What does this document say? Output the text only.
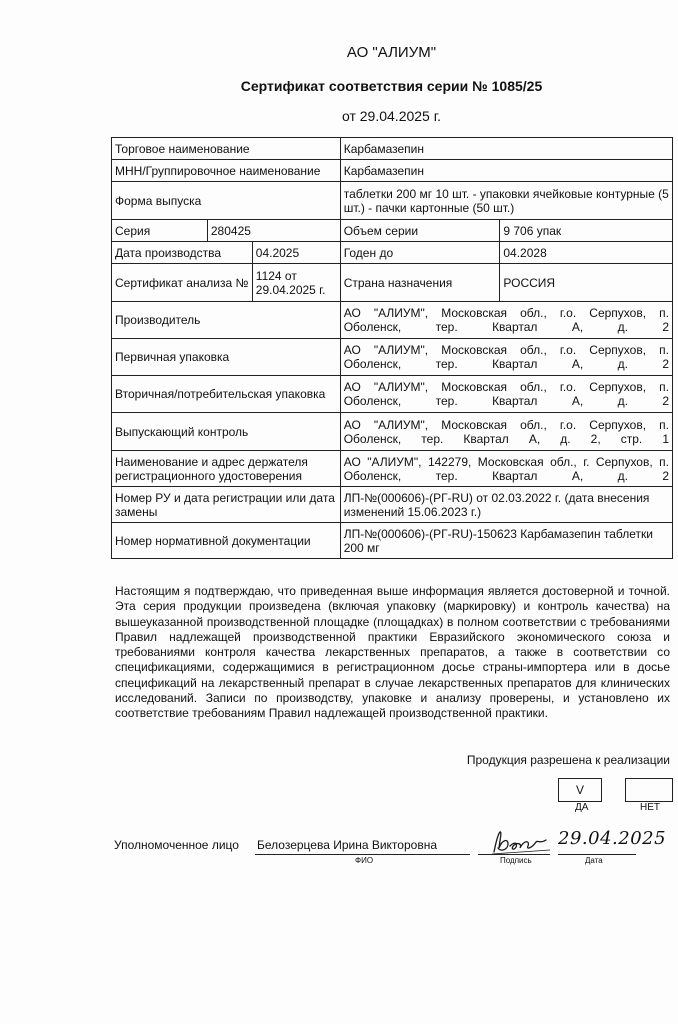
АО "АЛИУМ"
Сертификат соответствия серии № 1085/25
от 29.04.2025 г.
Торговое наименование			Карбамазепин	
МНН/Группировочное наименование			Карбамазепин	
Форма выпуска			таблетки 200 мг 10 шт. - упаковки ячейковые контурные (5 шт.) - пачки картонные (50 шт.)	
Серия	280425		Объем серии	9 706 упак
Дата производства		04.2025	Годен до	04.2028
Сертификат анализа №		1124 от 29.04.2025 г.	Страна назначения	РОССИЯ
Производитель			АО "АЛИУМ", Московская обл., г.о. Серпухов, п. Оболенск, тер. Квартал А, д. 2	
Первичная упаковка			АО "АЛИУМ", Московская обл., г.о. Серпухов, п. Оболенск, тер. Квартал А, д. 2	
Вторичная/потребительская упаковка			АО "АЛИУМ", Московская обл., г.о. Серпухов, п. Оболенск, тер. Квартал А, д. 2	
Выпускающий контроль			АО "АЛИУМ", Московская обл., г.о. Серпухов, п. Оболенск, тер. Квартал А, д. 2, стр. 1	
Наименование и адрес держателя регистрационного удостоверения			АО "АЛИУМ", 142279, Московская обл., г. Серпухов, п. Оболенск, тер. Квартал А, д. 2	
Номер РУ и дата регистрации или дата замены			ЛП-№(000606)-(РГ-RU) от 02.03.2022 г. (дата внесения изменений 15.06.2023 г.)	
Номер нормативной документации			ЛП-№(000606)-(РГ-RU)-150623 Карбамазепин таблетки 200 мг	
Настоящим я подтверждаю, что приведенная выше информация является достоверной и точной. Эта серия продукции произведена (включая упаковку (маркировку) и контроль качества) на вышеуказанной производственной площадке (площадках) в полном соответствии с требованиями Правил надлежащей производственной практики Евразийского экономического союза и требованиями контроля качества лекарственных препаратов, а также в соответствии со спецификациями, содержащимися в регистрационном досье страны-импортера или в досье спецификаций на лекарственный препарат в случае лекарственных препаратов для клинических исследований. Записи по производству, упаковке и анализу проверены, и установлено их соответствие требованиям Правил надлежащей производственной практики.
Продукция разрешена к реализации
V
ДА	НЕТ
Уполномоченное лицо Белозерцева Ирина Викторовна
ФИО	Подпись	Дата
29.04.2025
